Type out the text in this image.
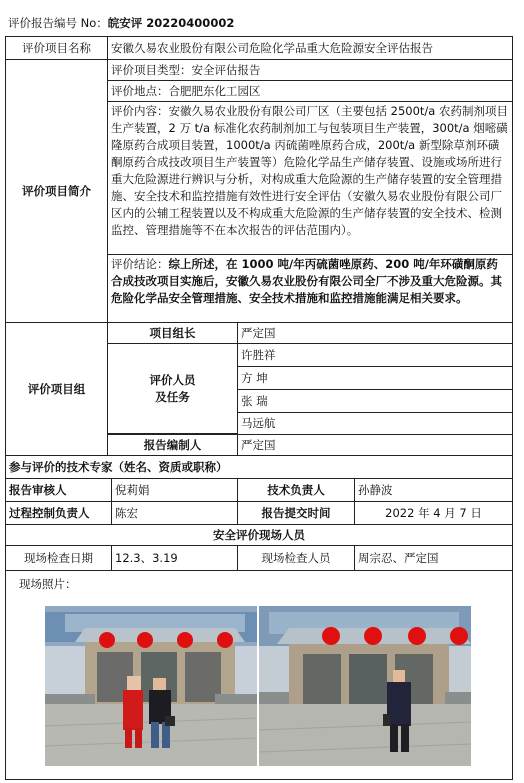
评价报告编号 No：皖安评 20220400002
评价项目名称	安徽久易农业股份有限公司危险化学品重大危险源安全评估报告
评价项目简介
评价项目类型：安全评估报告
评价地点：合肥肥东化工园区
评价内容：安徽久易农业股份有限公司厂区（主要包括 2500t/a 农药制剂项目生产装置，2 万 t/a 标准化农药制剂加工与包装项目生产装置，300t/a 烟嘧磺隆原药合成项目装置，1000t/a 丙硫菌唑原药合成，200t/a 新型除草剂环磺酮原药合成技改项目生产装置等）危险化学品生产储存装置、设施或场所进行重大危险源进行辨识与分析，对构成重大危险源的生产储存装置的安全管理措施、安全技术和监控措施有效性进行安全评估（安徽久易农业股份有限公司厂区内的公辅工程装置以及不构成重大危险源的生产储存装置的安全技术、检测监控、管理措施等不在本次报告的评估范围内）。
评价结论：综上所述，在 1000 吨/年丙硫菌唑原药、200 吨/年环磺酮原药合成技改项目实施后，安徽久易农业股份有限公司全厂不涉及重大危险源。其危险化学品安全管理措施、安全技术措施和监控措施能满足相关要求。
评价项目组
项目组长	严定国
评价人员
及任务
许胜祥
方 坤
张 瑞
马远航
报告编制人	严定国
参与评价的技术专家（姓名、资质或职称）
报告审核人	倪莉娟	技术负责人	孙静波
过程控制负责人	陈宏	报告提交时间	2022 年 4 月 7 日
安全评价现场人员
现场检查日期	12.3、3.19	现场检查人员	周宗忍、严定国
现场照片：
